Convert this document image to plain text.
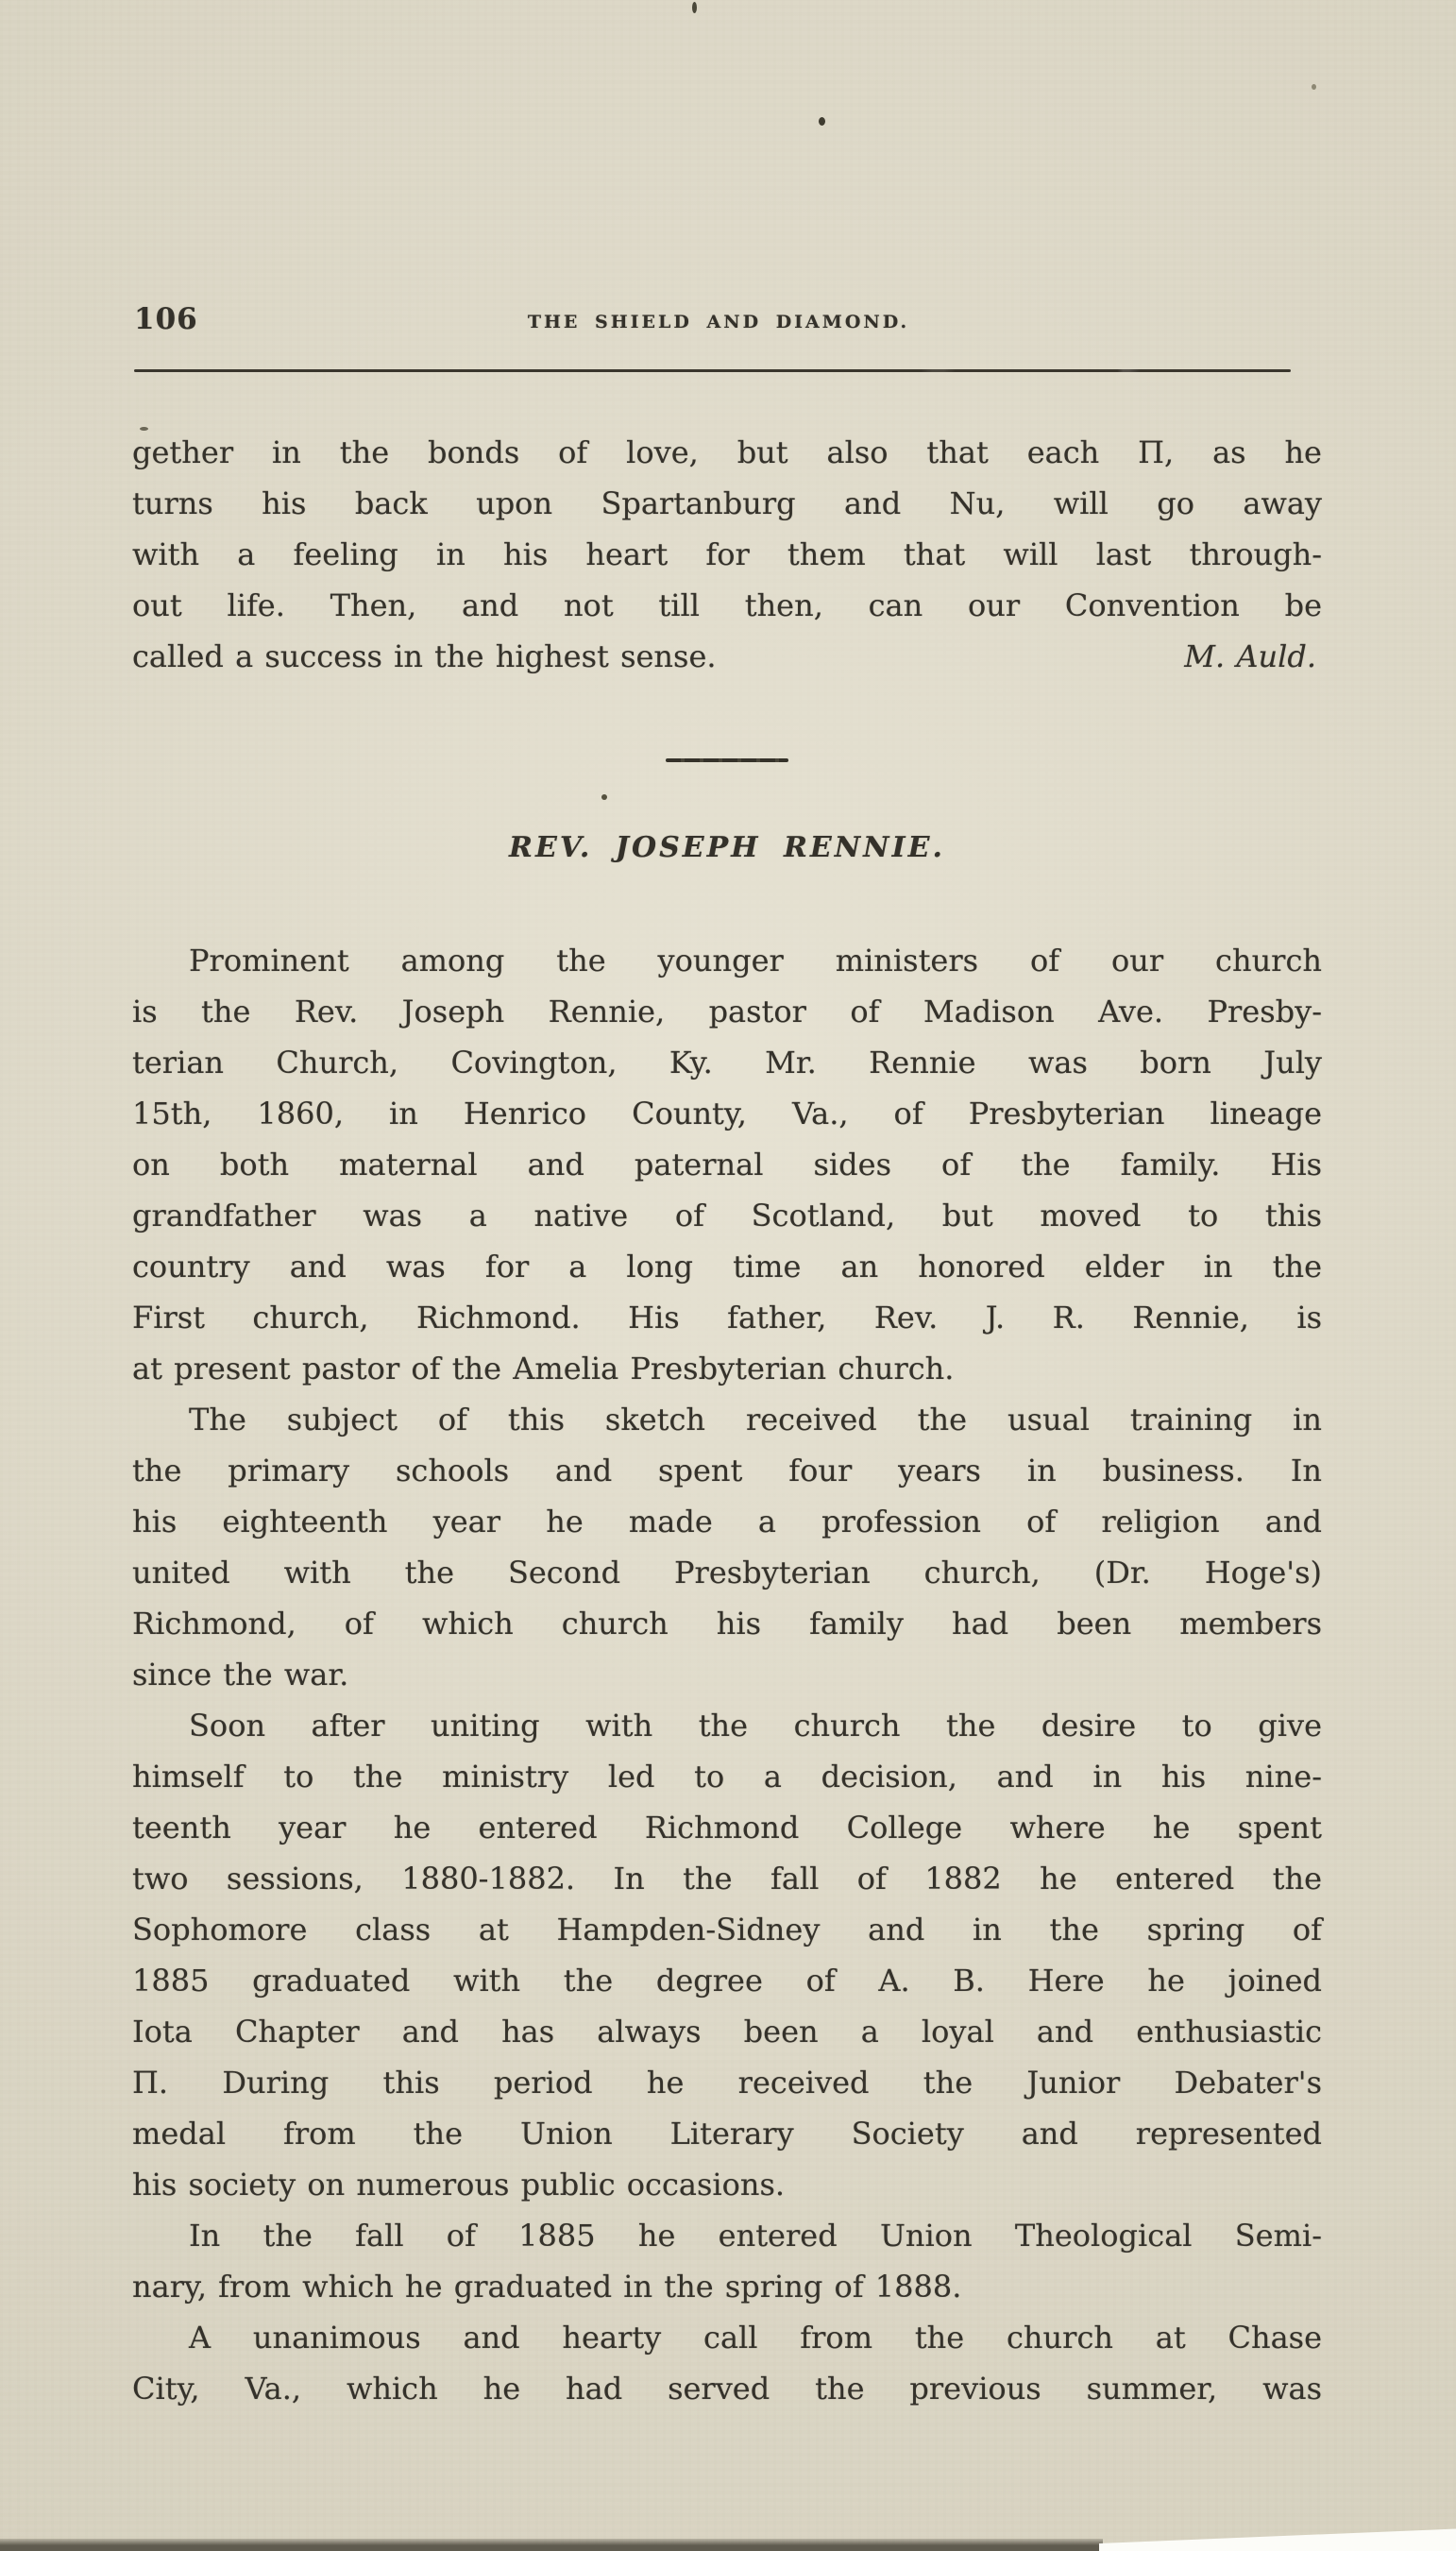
106	THE SHIELD AND DIAMOND.
gether in the bonds of love, but also that each Π, as he
turns his back upon Spartanburg and Nu, will go away
with a feeling in his heart for them that will last through-
out life. Then, and not till then, can our Convention be
called a success in the highest sense.	M. Auld.
REV. JOSEPH RENNIE.
Prominent among the younger ministers of our church
is the Rev. Joseph Rennie, pastor of Madison Ave. Presby-
terian Church, Covington, Ky. Mr. Rennie was born July
15th, 1860, in Henrico County, Va., of Presbyterian lineage
on both maternal and paternal sides of the family. His
grandfather was a native of Scotland, but moved to this
country and was for a long time an honored elder in the
First church, Richmond. His father, Rev. J. R. Rennie, is
at present pastor of the Amelia Presbyterian church.
The subject of this sketch received the usual training in
the primary schools and spent four years in business. In
his eighteenth year he made a profession of religion and
united with the Second Presbyterian church, (Dr. Hoge's)
Richmond, of which church his family had been members
since the war.
Soon after uniting with the church the desire to give
himself to the ministry led to a decision, and in his nine-
teenth year he entered Richmond College where he spent
two sessions, 1880-1882. In the fall of 1882 he entered the
Sophomore class at Hampden-Sidney and in the spring of
1885 graduated with the degree of A. B. Here he joined
Iota Chapter and has always been a loyal and enthusiastic
Π. During this period he received the Junior Debater's
medal from the Union Literary Society and represented
his society on numerous public occasions.
In the fall of 1885 he entered Union Theological Semi-
nary, from which he graduated in the spring of 1888.
A unanimous and hearty call from the church at Chase
City, Va., which he had served the previous summer, was
